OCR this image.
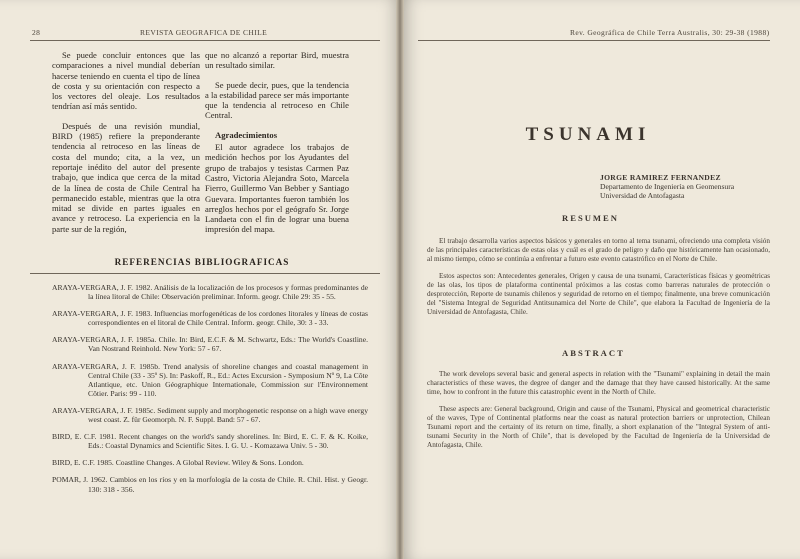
28	REVISTA GEOGRAFICA DE CHILE

Se puede concluir entonces que las comparaciones a nivel mundial deberían hacerse teniendo en cuenta el tipo de línea de costa y su orientación con respecto a los vectores del oleaje. Los resultados tendrían así más sentido.

Después de una revisión mundial, BIRD (1985) refiere la preponderante tendencia al retroceso en las líneas de costa del mundo; cita, a la vez, un reportaje inédito del autor del presente trabajo, que indica que cerca de la mitad de la línea de costa de Chile Central ha permanecido estable, mientras que la otra mitad se divide en partes iguales en avance y retroceso. La experiencia en la parte sur de la región,

que no alcanzó a reportar Bird, muestra un resultado similar.

Se puede decir, pues, que la tendencia a la estabilidad parece ser más importante que la tendencia al retroceso en Chile Central.

Agradecimientos

El autor agradece los trabajos de medición hechos por los Ayudantes del grupo de trabajos y tesistas Carmen Paz Castro, Victoria Alejandra Soto, Marcela Fierro, Guillermo Van Bebber y Santiago Guevara. Importantes fueron también los arreglos hechos por el geógrafo Sr. Jorge Landaeta con el fin de lograr una buena impresión del mapa.

REFERENCIAS BIBLIOGRAFICAS
ARAYA-VERGARA, J. F. 1982. Análisis de la localización de los procesos y formas predominantes de la línea litoral de Chile: Observación preliminar. Inform. geogr. Chile 29: 35 - 55.
ARAYA-VERGARA, J. F. 1983. Influencias morfogenéticas de los cordones litorales y líneas de costas correspondientes en el litoral de Chile Central. Inform. geogr. Chile, 30: 3 - 33.
ARAYA-VERGARA, J. F. 1985a. Chile. In: Bird, E.C.F. & M. Schwartz, Eds.: The World's Coastline. Van Nostrand Reinhold. New York: 57 - 67.
ARAYA-VERGARA, J. F. 1985b. Trend analysis of shoreline changes and coastal management in Central Chile (33 - 35º S). In: Paskoff, R., Ed.: Actes Excursion - Symposium Nº 9, La Côte Atlantique, etc. Union Géographique Internationale, Commission sur l'Environnement Côtier. Paris: 99 - 110.
ARAYA-VERGARA, J. F. 1985c. Sediment supply and morphogenetic response on a high wave energy west coast. Z. für Geomorph. N. F. Suppl. Band: 57 - 67.
BIRD, E. C.F. 1981. Recent changes on the world's sandy shorelines. In: Bird, E. C. F. & K. Koike, Eds.: Coastal Dynamics and Scientific Sites. I. G. U. - Komazawa Univ. 5 - 30.
BIRD, E. C.F. 1985. Coastline Changes. A Global Review. Wiley & Sons. London.
POMAR, J. 1962. Cambios en los ríos y en la morfología de la costa de Chile. R. Chil. Hist. y Geogr. 130: 318 - 356.
Rev. Geográfica de Chile Terra Australis, 30: 29-38 (1988)
TSUNAMI
JORGE RAMIREZ FERNANDEZ
Departamento de Ingeniería en Geomensura
Universidad de Antofagasta
RESUMEN

El trabajo desarrolla varios aspectos básicos y generales en torno al tema tsunami, ofreciendo una completa visión de las principales características de estas olas y cuál es el grado de peligro y daño que históricamente han ocasionado, al mismo tiempo, cómo se continúa a enfrentar a futuro este evento catastrófico en el Norte de Chile.

Estos aspectos son: Antecedentes generales, Origen y causa de una tsunami, Características físicas y geométricas de las olas, los tipos de plataforma continental próximos a las costas como barreras naturales de protección o desprotección, Reporte de tsunamis chilenos y seguridad de retorno en el tiempo; finalmente, una breve comunicación del "Sistema Integral de Seguridad Antitsunamica del Norte de Chile", que elabora la Facultad de Ingeniería de la Universidad de Antofagasta, Chile.

ABSTRACT

The work develops several basic and general aspects in relation with the "Tsunami" explaining in detail the main characteristics of these waves, the degree of danger and the damage that they have caused historically. At the same time, how to confront in the future this catastrophic event in the North of Chile.

These aspects are: General background, Origin and cause of the Tsunami, Physical and geometrical characteristic of the waves, Type of Continental platforms near the coast as natural protection barriers or unprotection, Chilean Tsunami report and the certainty of its return on time, finally, a short explanation of the "Integral System of anti-tsunami Security in the North of Chile", that is developed by the Facultad de Ingeniería de la Universidad de Antofagasta, Chile.
